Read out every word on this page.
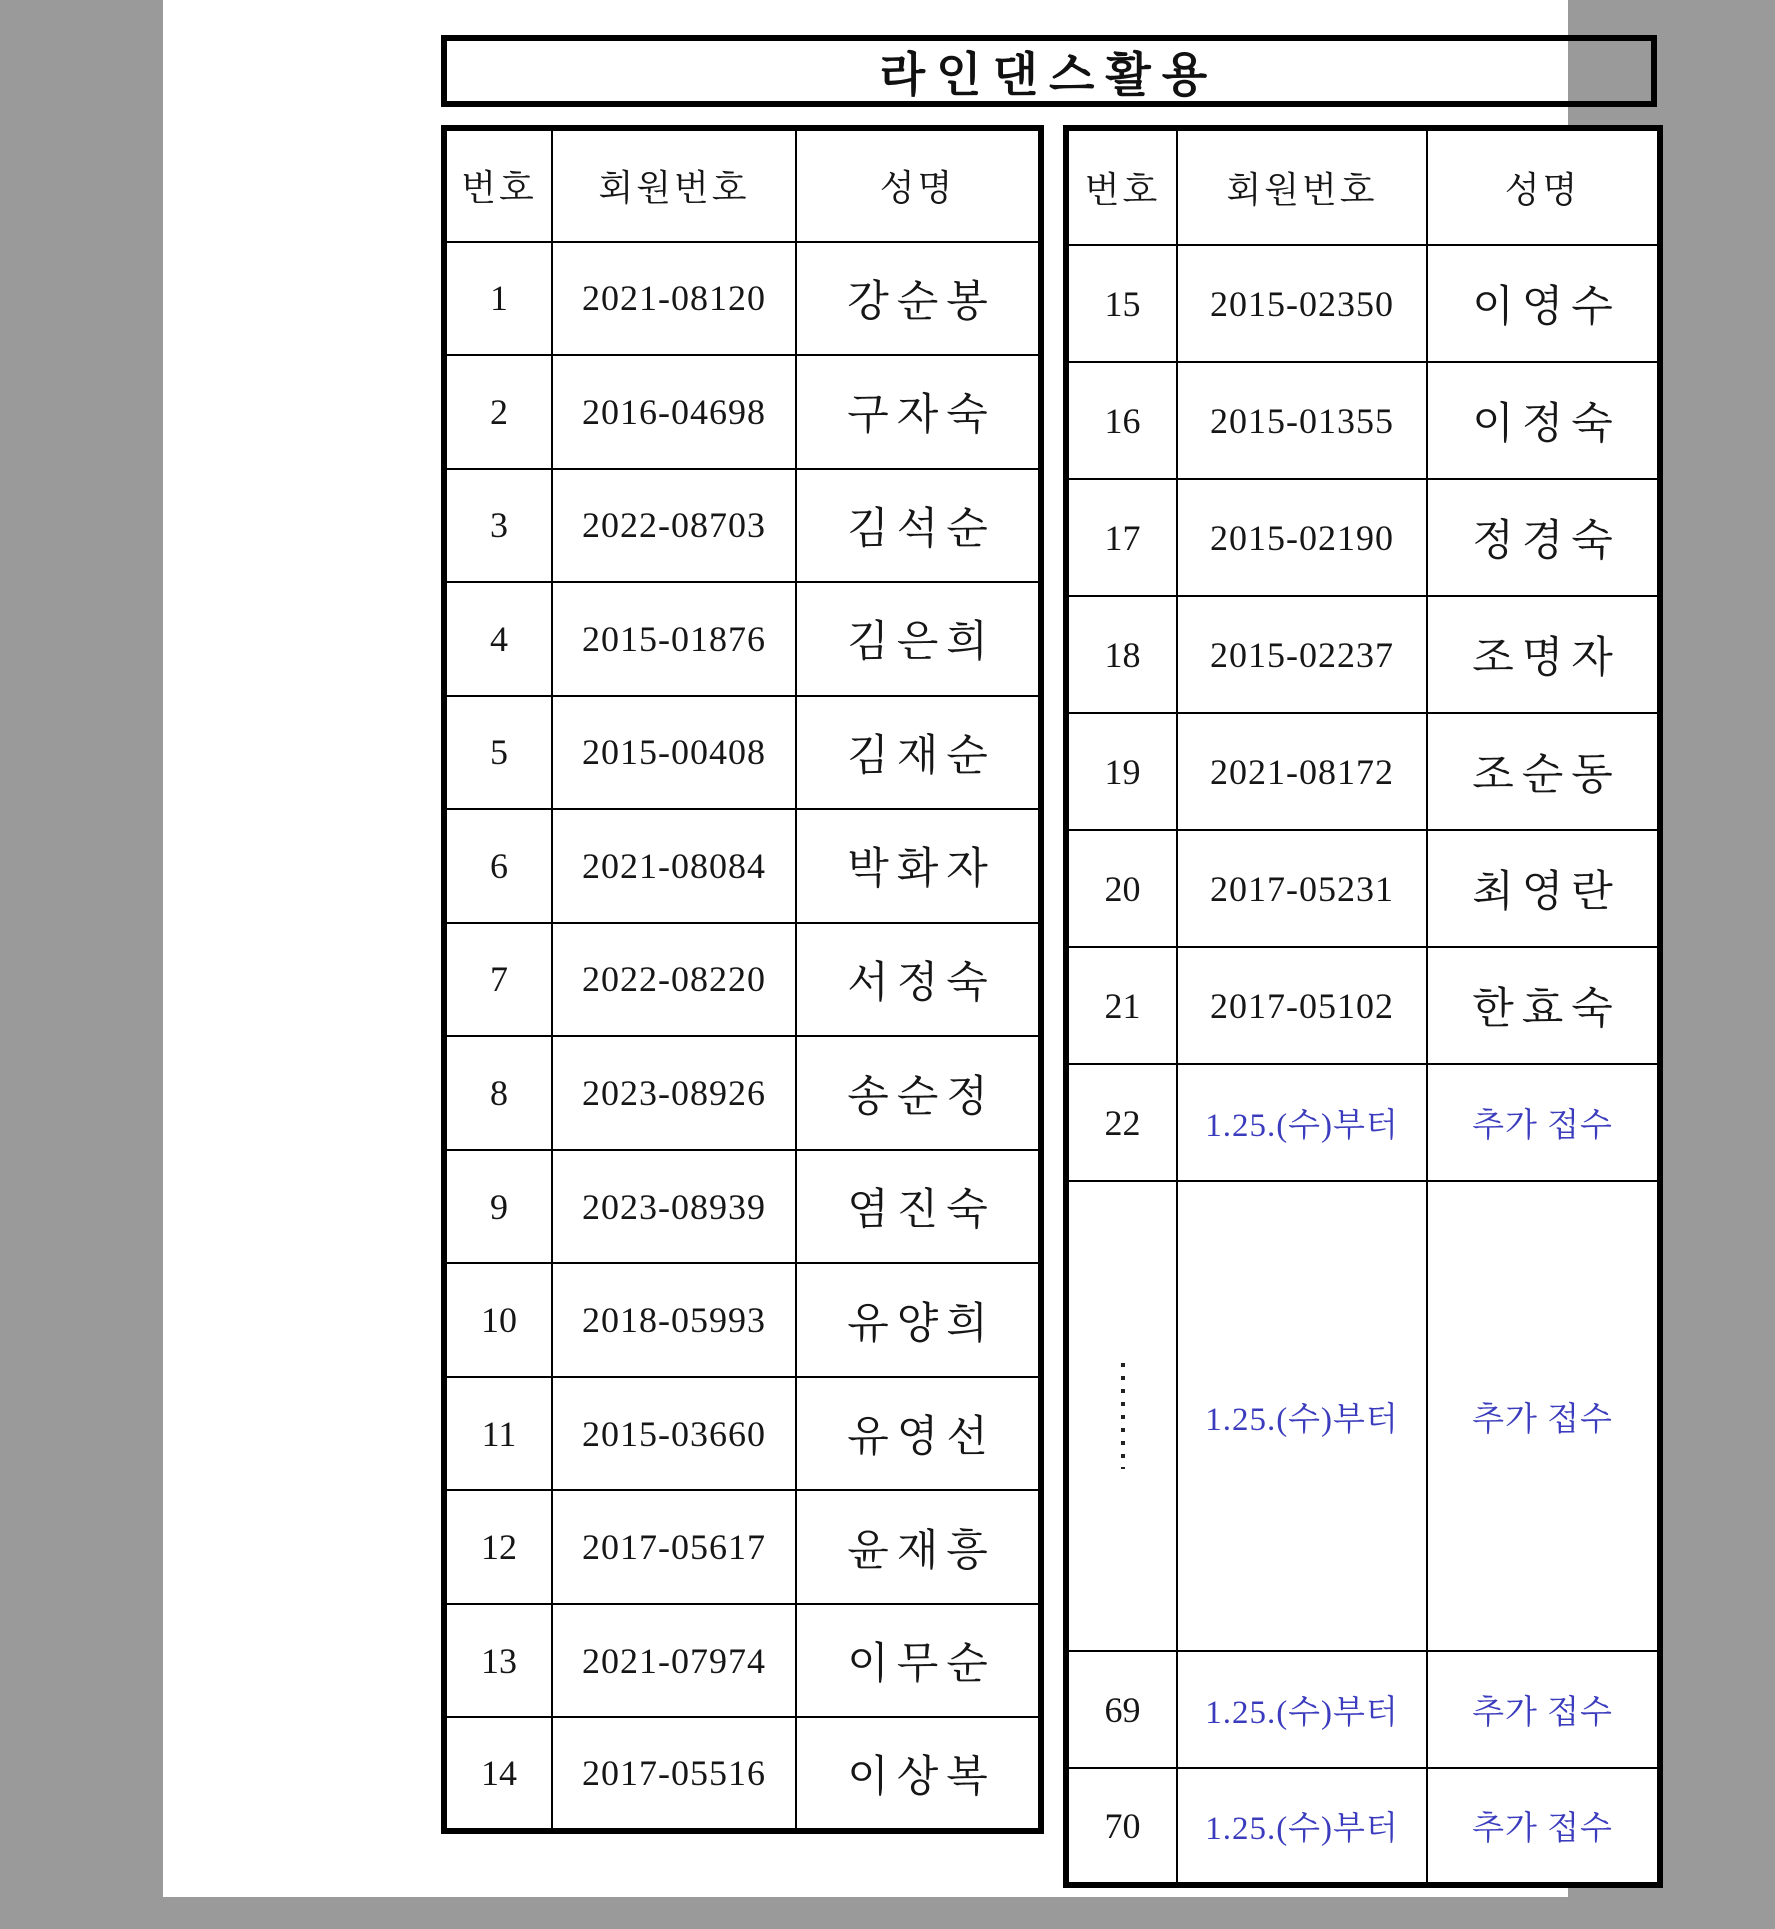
라인댄스활용
번호	회원번호	성명
1	2021-08120	강순봉
2	2016-04698	구자숙
3	2022-08703	김석순
4	2015-01876	김은희
5	2015-00408	김재순
6	2021-08084	박화자
7	2022-08220	서정숙
8	2023-08926	송순정
9	2023-08939	염진숙
10	2018-05993	유양희
11	2015-03660	유영선
12	2017-05617	윤재흥
13	2021-07974	이무순
14	2017-05516	이상복
번호	회원번호	성명
15	2015-02350	이영수
16	2015-01355	이정숙
17	2015-02190	정경숙
18	2015-02237	조명자
19	2021-08172	조순동
20	2017-05231	최영란
21	2017-05102	한효숙
22	1.25.(수)부터	추가 접수

	1.25.(수)부터	추가 접수
69	1.25.(수)부터	추가 접수
70	1.25.(수)부터	추가 접수
